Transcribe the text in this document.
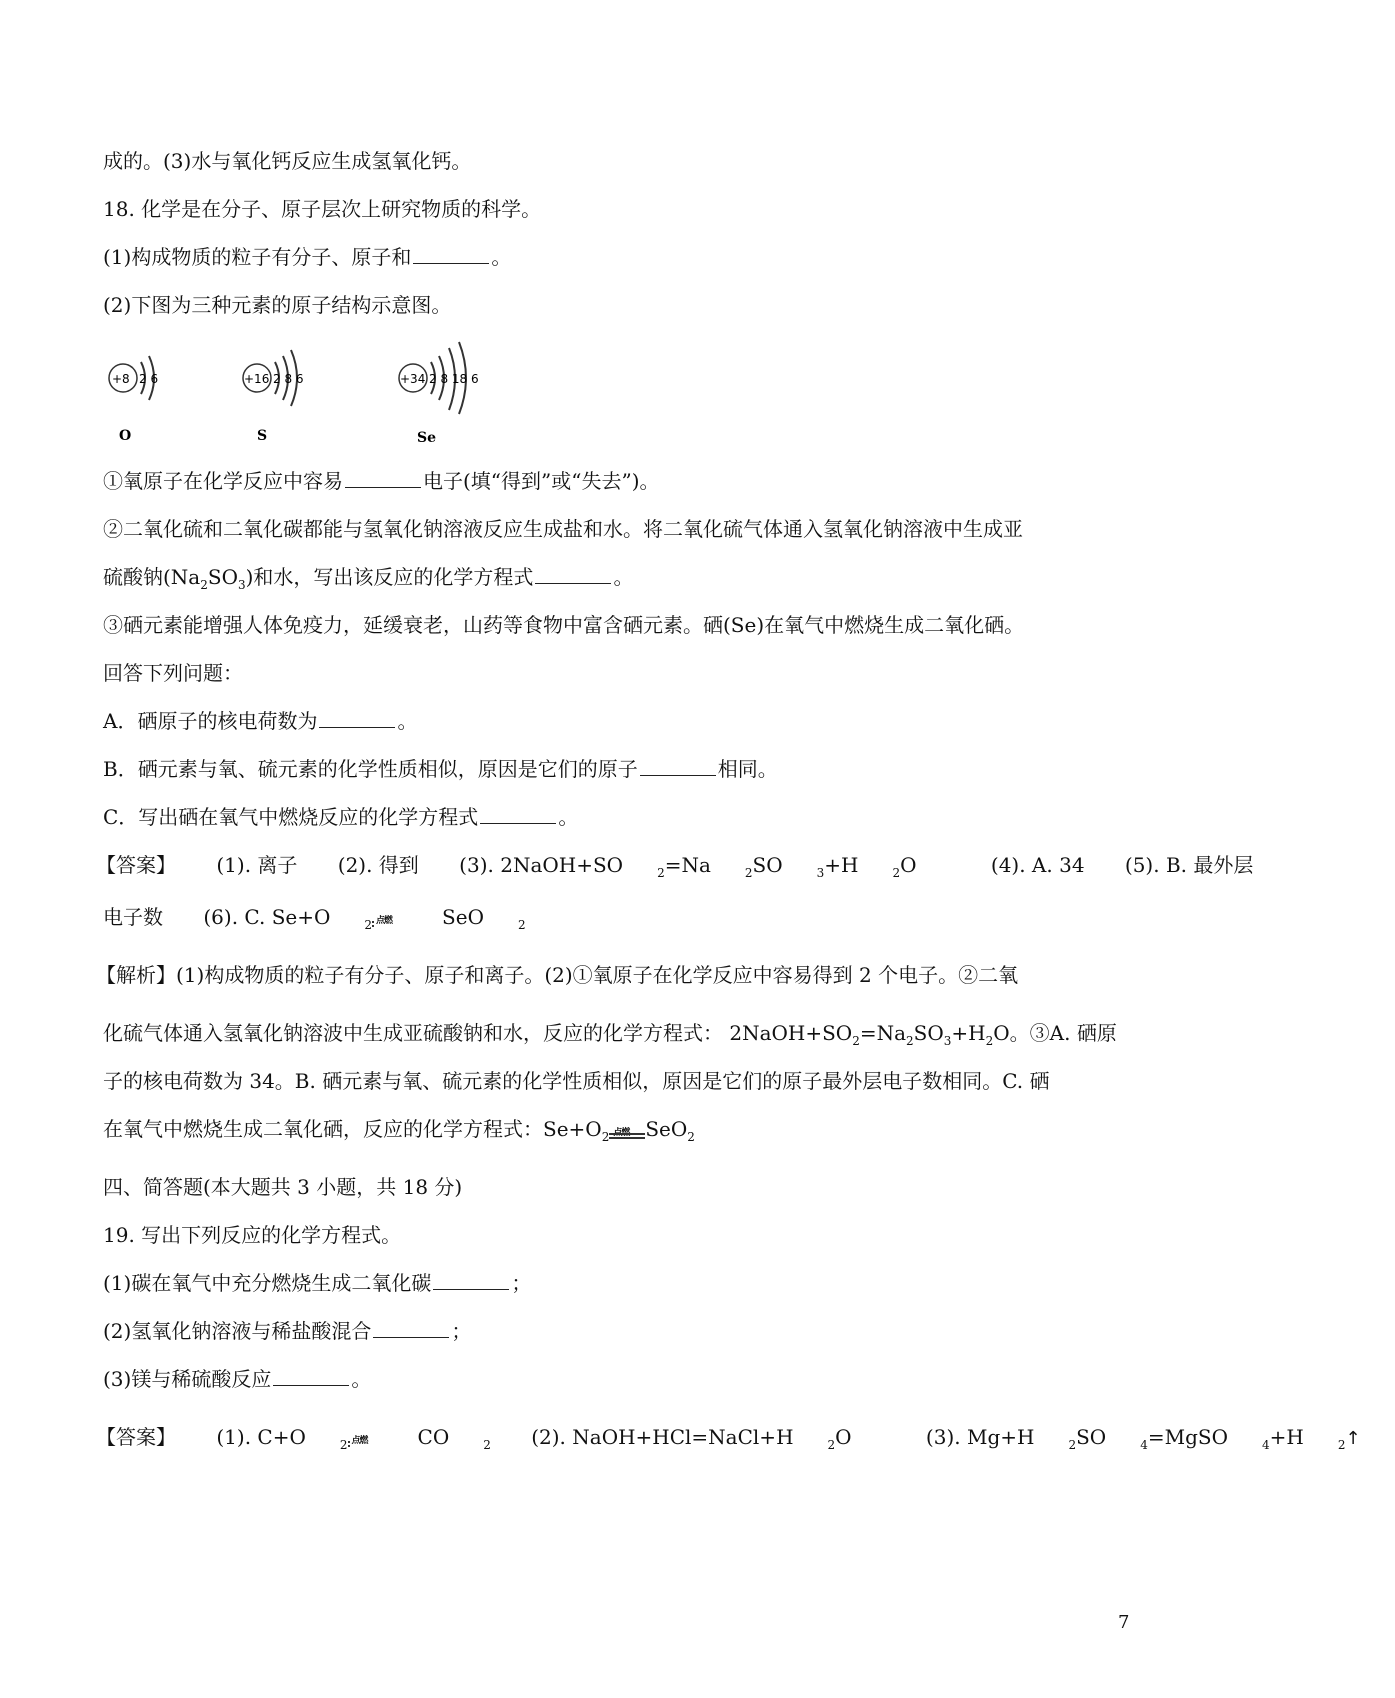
成的。(3)水与氧化钙反应生成氢氧化钙。
18. 化学是在分子、原子层次上研究物质的科学。
(1)构成物质的粒子有分子、原子和	。
(2)下图为三种元素的原子结构示意图。
+8 2 6
O
+16 2 8 6
S
+34 2 8 18 6
Se
①氧原子在化学反应中容易	电子(填“得到”或“失去”)。
②二氧化硫和二氧化碳都能与氢氧化钠溶液反应生成盐和水。将二氧化硫气体通入氢氧化钠溶液中生成亚
硫酸钠$(Na_2SO_3)$和水，写出该反应的化学方程式	。
③硒元素能增强人体免疫力，延缓衰老，山药等食物中富含硒元素。硒(Se)在氧气中燃烧生成二氧化硒。
回答下列问题：
A．硒原子的核电荷数为	。
B．硒元素与氧、硫元素的化学性质相似，原因是它们的原子	相同。
C．写出硒在氧气中燃烧反应的化学方程式	。
【答案】 (1). 离子 (2). 得到 (3). 2NaOH+SO	$_2$=Na	$_2$SO	$_3$+H	$_2$O	(4). A. 34 (5). B. 最外层
电子数 (6). C. Se+O	$_2$ 点燃 SeO	$_2$
【解析】(1)构成物质的粒子有分子、原子和离子。(2)①氧原子在化学反应中容易得到 2 个电子。②二氧
化硫气体通入氢氧化钠溶波中生成亚硫酸钠和水，反应的化学方程式： $2NaOH+SO_2=Na_2SO_3+H_2O$。③A. 硒原
子的核电荷数为 34。B. 硒元素与氧、硫元素的化学性质相似，原因是它们的原子最外层电子数相同。C. 硒
在氧气中燃烧生成二氧化硒，反应的化学方程式：$Se+O_2$ 点燃 SeO$_2$
四、简答题(本大题共 3 小题，共 18 分)
19. 写出下列反应的化学方程式。
(1)碳在氧气中充分燃烧生成二氧化碳	；
(2)氢氧化钠溶液与稀盐酸混合	；
(3)镁与稀硫酸反应	。
【答案】 (1). C+O	$_2$ 点燃 CO	$_2$ (2). NaOH+HCl=NaCl+H	$_2$O	(3). Mg+H	$_2$SO	$_4$=MgSO	$_4$+H	$_2$↑
7
